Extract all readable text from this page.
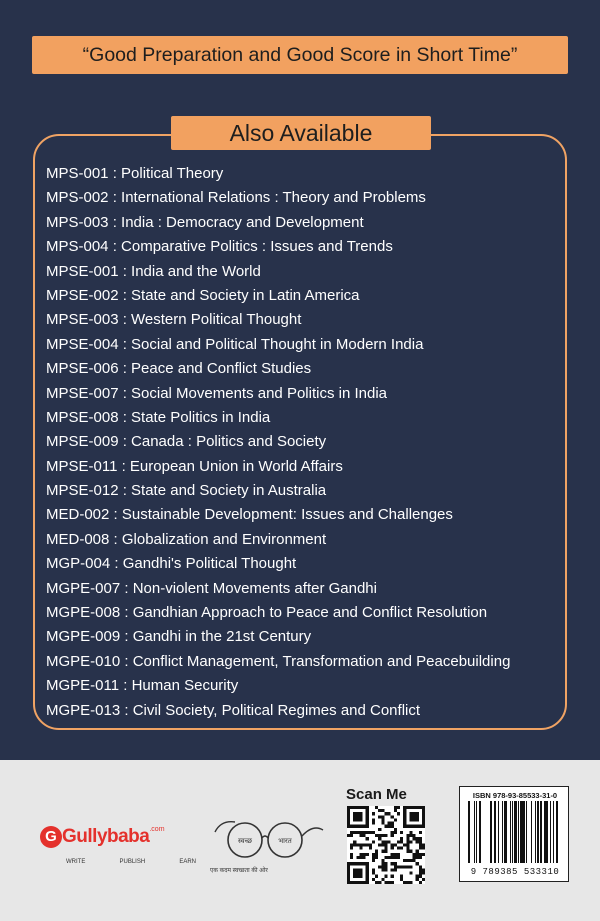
“Good Preparation and Good Score in Short Time”
Also Available
MPS-001 : Political Theory
MPS-002 : International Relations : Theory and Problems
MPS-003 : India : Democracy and Development
MPS-004 : Comparative Politics : Issues and Trends
MPSE-001 : India and the World
MPSE-002 : State and Society in Latin America
MPSE-003 : Western Political Thought
MPSE-004 : Social and Political Thought in Modern India
MPSE-006 : Peace and Conflict Studies
MPSE-007 : Social Movements and Politics in India
MPSE-008 : State Politics in India
MPSE-009 : Canada : Politics and Society
MPSE-011 : European Union in World Affairs
MPSE-012 : State and Society in Australia
MED-002 : Sustainable Development: Issues and Challenges
MED-008 : Globalization and Environment
MGP-004 : Gandhi's Political Thought
MGPE-007 : Non-violent Movements after Gandhi
MGPE-008 : Gandhian Approach to Peace and Conflict Resolution
MGPE-009 : Gandhi in the 21st Century
MGPE-010 : Conflict Management, Transformation and Peacebuilding
MGPE-011 : Human Security
MGPE-013 : Civil Society, Political Regimes and Conflict
G Gullybaba$^{.com}$
WRITE	PUBLISH	EARN
स्वच्छ	भारत
एक कदम स्वच्छता की ओर
Scan Me	ISBN 978-93-85533-31-0
9 789385 533310
